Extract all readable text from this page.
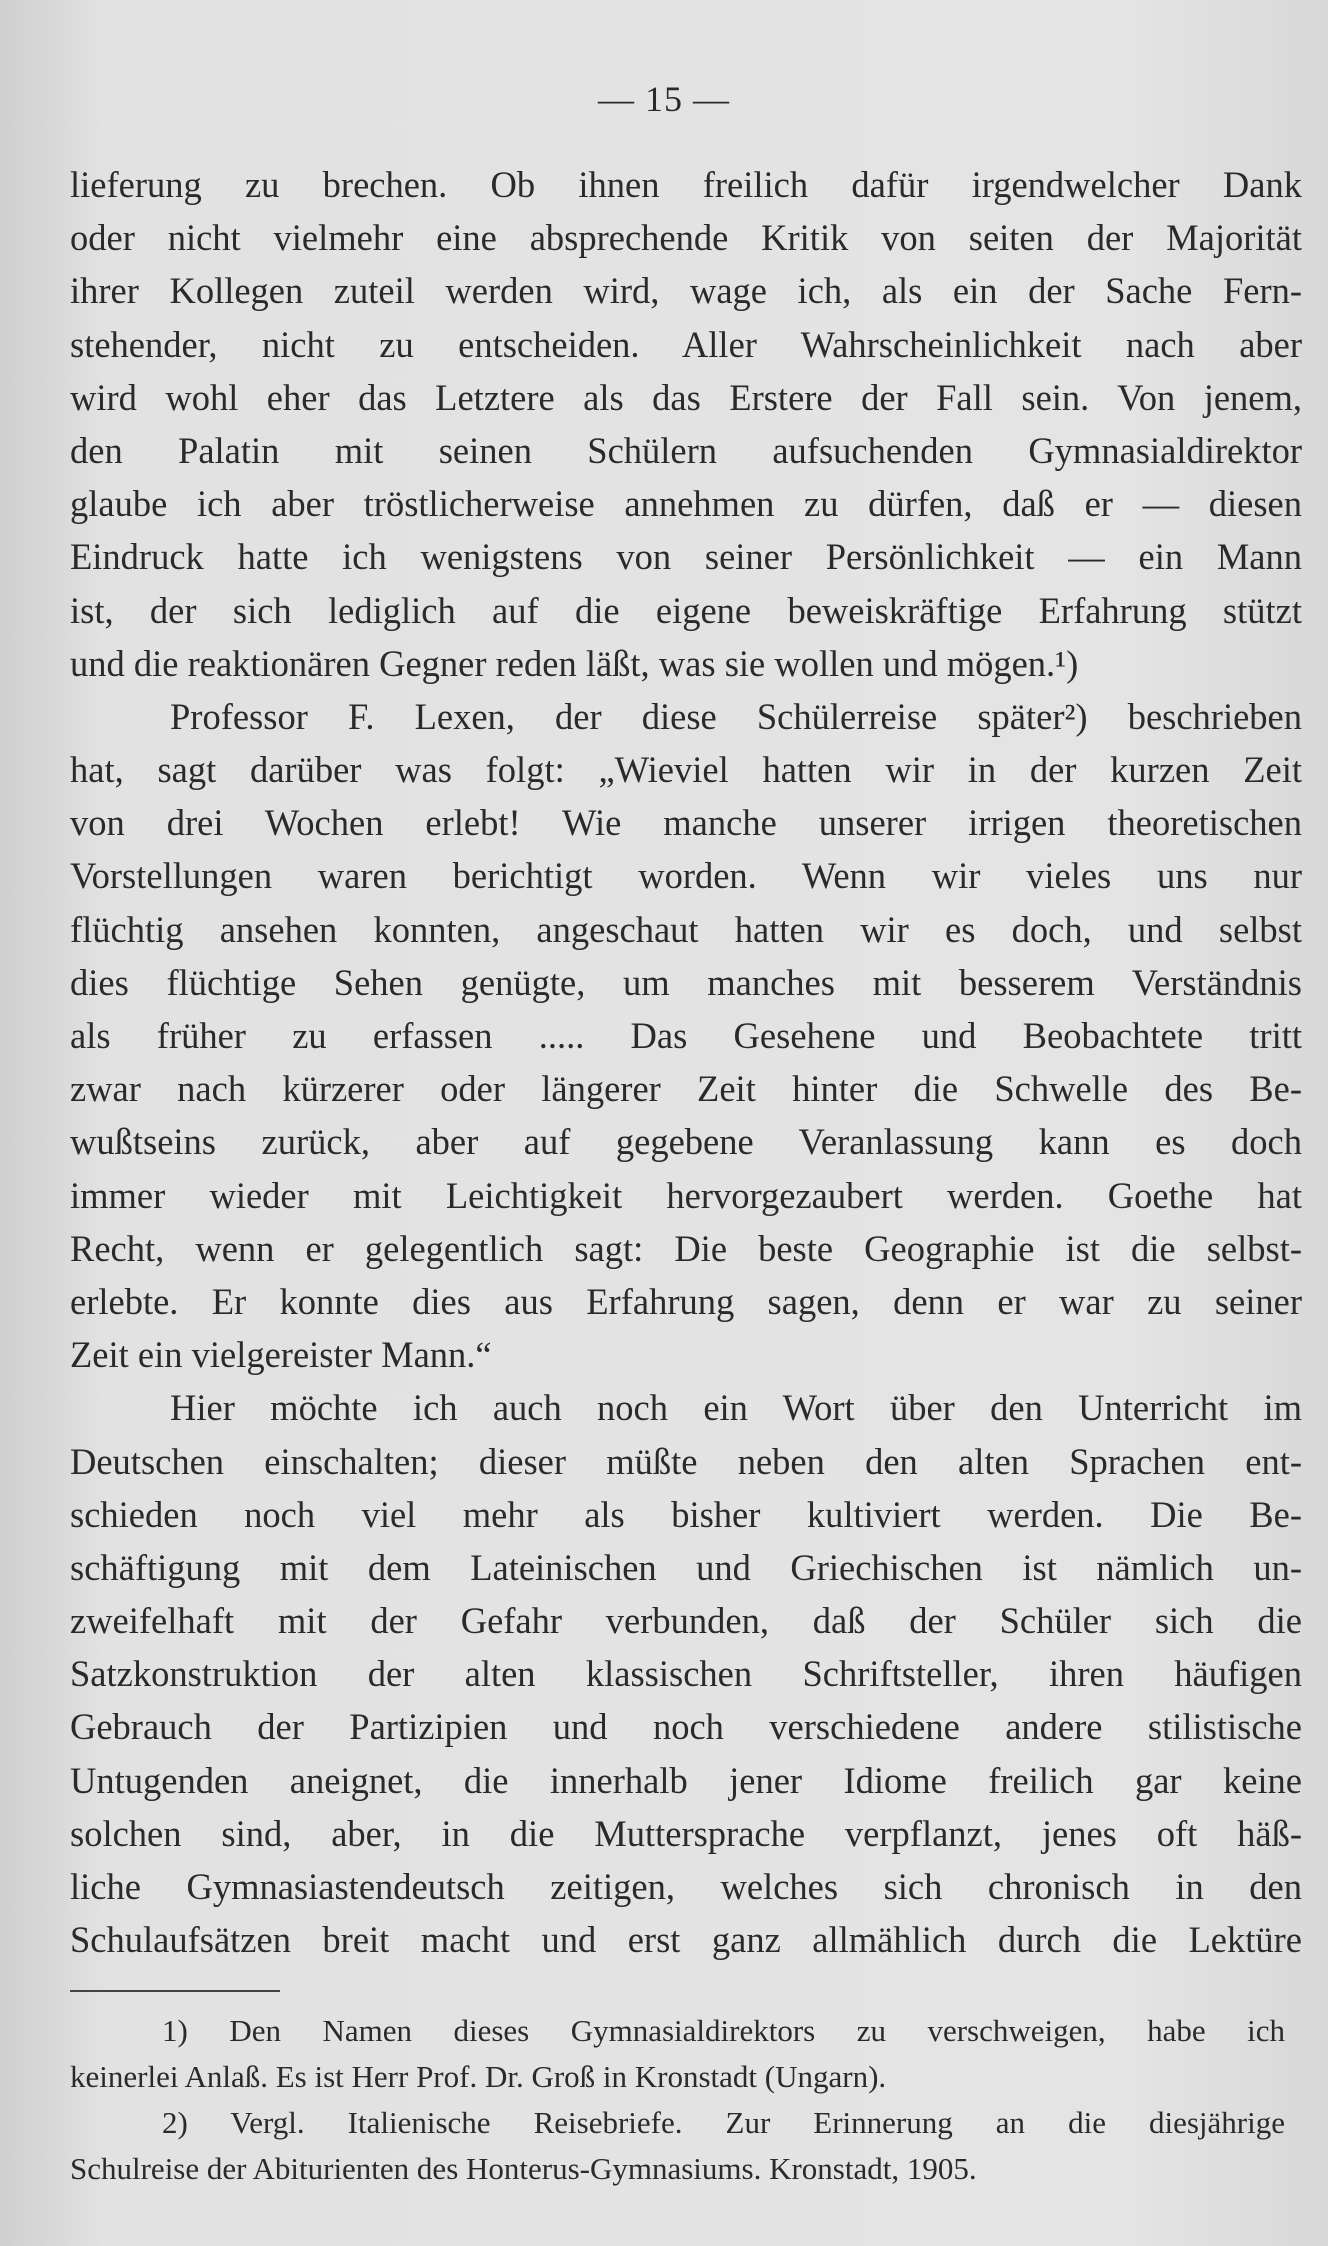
— 15 —
lieferung zu brechen. Ob ihnen freilich dafür irgendwelcher Dank
oder nicht vielmehr eine absprechende Kritik von seiten der Majorität
ihrer Kollegen zuteil werden wird, wage ich, als ein der Sache Fern-
stehender, nicht zu entscheiden. Aller Wahrscheinlichkeit nach aber
wird wohl eher das Letztere als das Erstere der Fall sein. Von jenem,
den Palatin mit seinen Schülern aufsuchenden Gymnasialdirektor
glaube ich aber tröstlicherweise annehmen zu dürfen, daß er — diesen
Eindruck hatte ich wenigstens von seiner Persönlichkeit — ein Mann
ist, der sich lediglich auf die eigene beweiskräftige Erfahrung stützt
und die reaktionären Gegner reden läßt, was sie wollen und mögen.¹)
Professor F. Lexen, der diese Schülerreise später²) beschrieben
hat, sagt darüber was folgt: „Wieviel hatten wir in der kurzen Zeit
von drei Wochen erlebt! Wie manche unserer irrigen theoretischen
Vorstellungen waren berichtigt worden. Wenn wir vieles uns nur
flüchtig ansehen konnten, angeschaut hatten wir es doch, und selbst
dies flüchtige Sehen genügte, um manches mit besserem Verständnis
als früher zu erfassen ..... Das Gesehene und Beobachtete tritt
zwar nach kürzerer oder längerer Zeit hinter die Schwelle des Be-
wußtseins zurück, aber auf gegebene Veranlassung kann es doch
immer wieder mit Leichtigkeit hervorgezaubert werden. Goethe hat
Recht, wenn er gelegentlich sagt: Die beste Geographie ist die selbst-
erlebte. Er konnte dies aus Erfahrung sagen, denn er war zu seiner
Zeit ein vielgereister Mann.“
Hier möchte ich auch noch ein Wort über den Unterricht im
Deutschen einschalten; dieser müßte neben den alten Sprachen ent-
schieden noch viel mehr als bisher kultiviert werden. Die Be-
schäftigung mit dem Lateinischen und Griechischen ist nämlich un-
zweifelhaft mit der Gefahr verbunden, daß der Schüler sich die
Satzkonstruktion der alten klassischen Schriftsteller, ihren häufigen
Gebrauch der Partizipien und noch verschiedene andere stilistische
Untugenden aneignet, die innerhalb jener Idiome freilich gar keine
solchen sind, aber, in die Muttersprache verpflanzt, jenes oft häß-
liche Gymnasiastendeutsch zeitigen, welches sich chronisch in den
Schulaufsätzen breit macht und erst ganz allmählich durch die Lektüre
1) Den Namen dieses Gymnasialdirektors zu verschweigen, habe ich
keinerlei Anlaß. Es ist Herr Prof. Dr. Groß in Kronstadt (Ungarn).
2) Vergl. Italienische Reisebriefe. Zur Erinnerung an die diesjährige
Schulreise der Abiturienten des Honterus-Gymnasiums. Kronstadt, 1905.
